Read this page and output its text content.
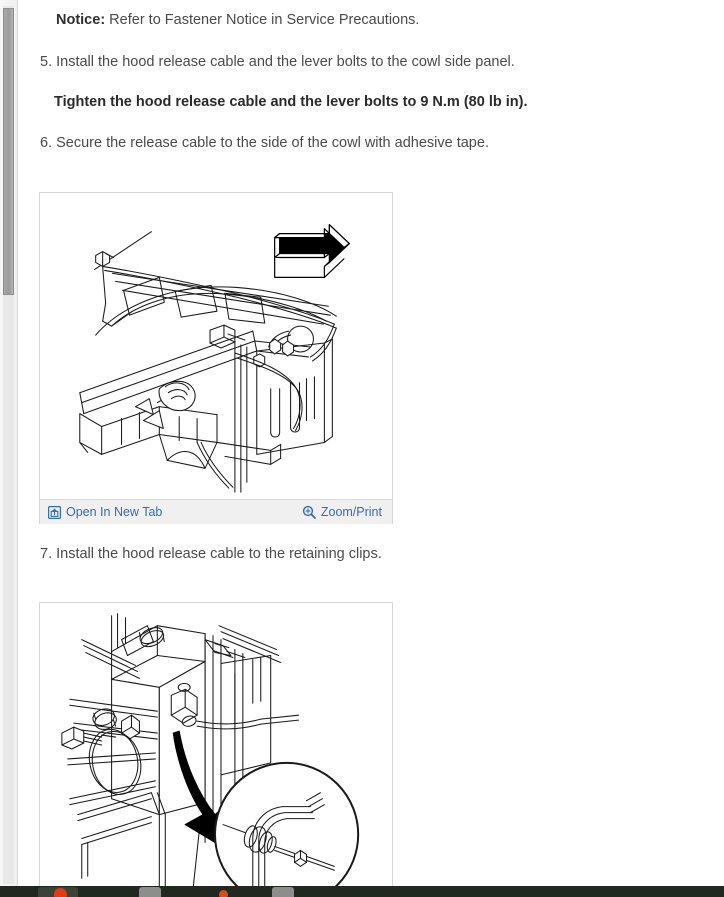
Notice: Refer to Fastener Notice in Service Precautions.
5. Install the hood release cable and the lever bolts to the cowl side panel.
Tighten the hood release cable and the lever bolts to 9 N.m (80 lb in).
6. Secure the release cable to the side of the cowl with adhesive tape.
Open In New Tab	Zoom/Print
7. Install the hood release cable to the retaining clips.
